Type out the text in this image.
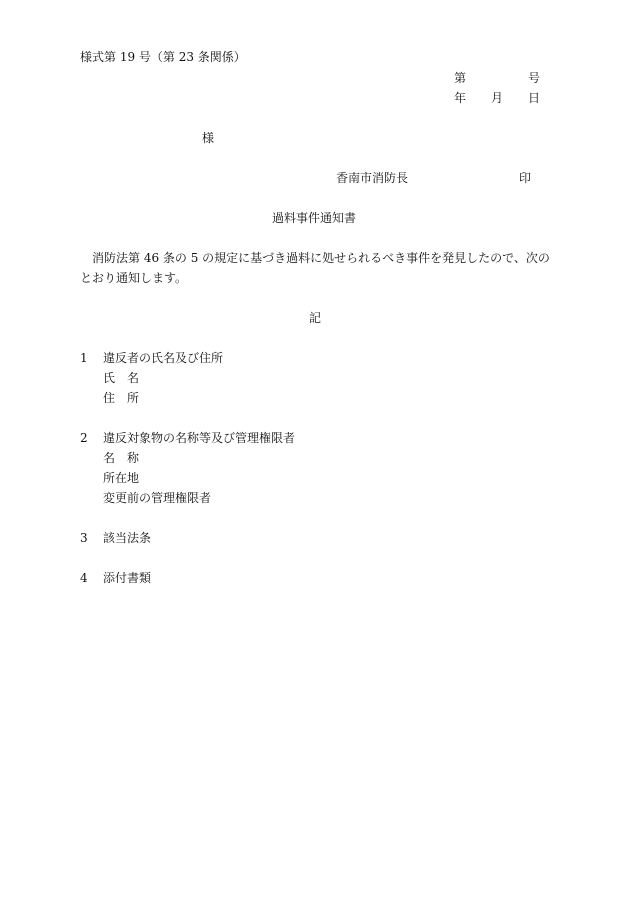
様式第 19 号（第 23 条関係）
第	号
年 月 日
様
香南市消防長	印
過料事件通知書
消防法第 46 条の 5 の規定に基づき過料に処せられるべき事件を発見したので、次の
とおり通知します。
記
1 違反者の氏名及び住所
氏　名
住　所
2 違反対象物の名称等及び管理権限者
名　称
所在地
変更前の管理権限者
3 該当法条
4 添付書類
